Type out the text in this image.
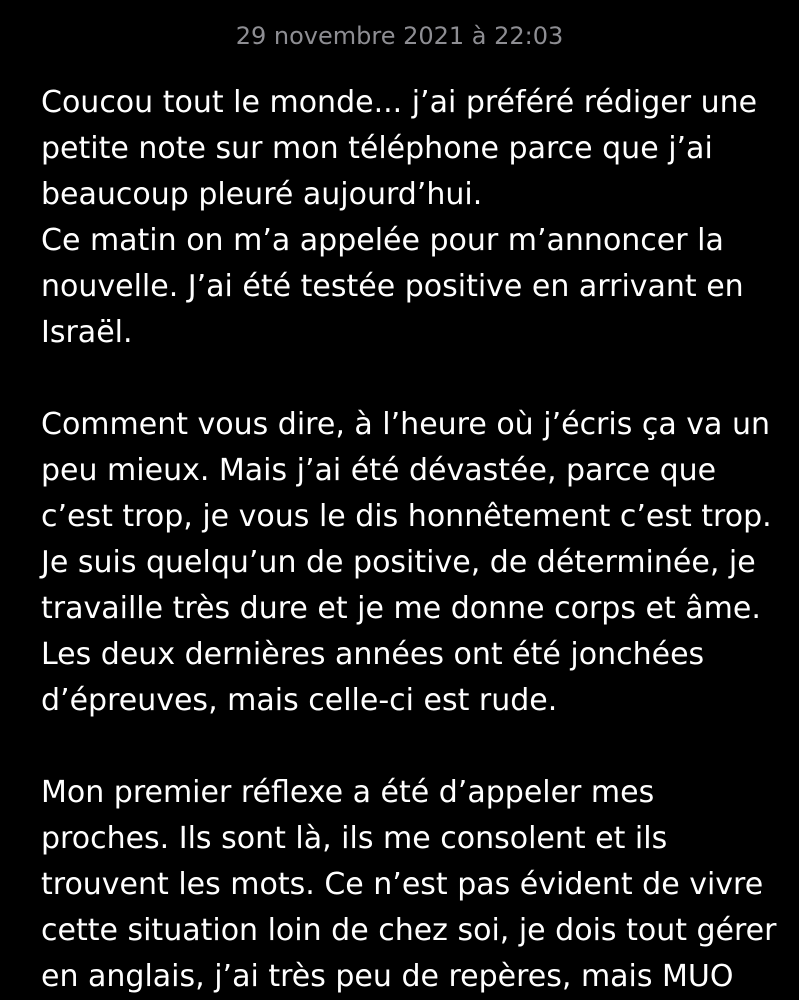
29 novembre 2021 à 22:03
Coucou tout le monde... j’ai préféré rédiger une
petite note sur mon téléphone parce que j’ai
beaucoup pleuré aujourd’hui.
Ce matin on m’a appelée pour m’annoncer la
nouvelle. J’ai été testée positive en arrivant en
Israël.
Comment vous dire, à l’heure où j’écris ça va un
peu mieux. Mais j’ai été dévastée, parce que
c’est trop, je vous le dis honnêtement c’est trop.
Je suis quelqu’un de positive, de déterminée, je
travaille très dure et je me donne corps et âme.
Les deux dernières années ont été jonchées
d’épreuves, mais celle-ci est rude.
Mon premier réflexe a été d’appeler mes
proches. Ils sont là, ils me consolent et ils
trouvent les mots. Ce n’est pas évident de vivre
cette situation loin de chez soi, je dois tout gérer
en anglais, j’ai très peu de repères, mais MUO
